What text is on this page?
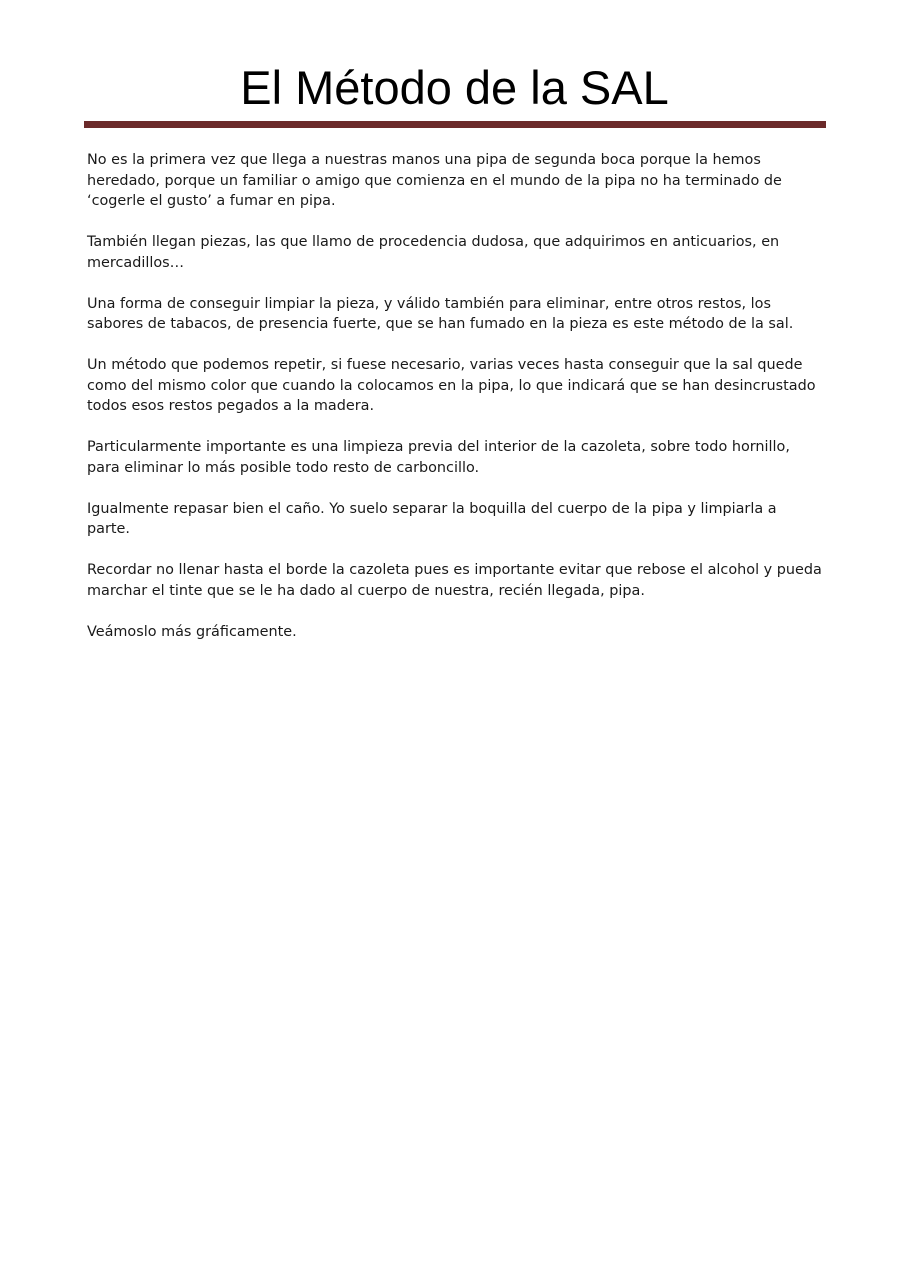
El Método de la SAL

No es la primera vez que llega a nuestras manos una pipa de segunda boca porque la hemos heredado, porque un familiar o amigo que comienza en el mundo de la pipa no ha terminado de ‘cogerle el gusto’ a fumar en pipa.

También llegan piezas, las que llamo de procedencia dudosa, que adquirimos en anticuarios, en mercadillos…

Una forma de conseguir limpiar la pieza, y válido también para eliminar, entre otros restos, los sabores de tabacos, de presencia fuerte, que se han fumado en la pieza es este método de la sal.

Un método que podemos repetir, si fuese necesario, varias veces hasta conseguir que la sal quede como del mismo color que cuando la colocamos en la pipa, lo que indicará que se han desincrustado todos esos restos pegados a la madera.

Particularmente importante es una limpieza previa del interior de la cazoleta, sobre todo hornillo, para eliminar lo más posible todo resto de carboncillo.

Igualmente repasar bien el caño. Yo suelo separar la boquilla del cuerpo de la pipa y limpiarla a parte.

Recordar no llenar hasta el borde la cazoleta pues es importante evitar que rebose el alcohol y pueda marchar el tinte que se le ha dado al cuerpo de nuestra, recién llegada, pipa.

Veámoslo más gráficamente.
